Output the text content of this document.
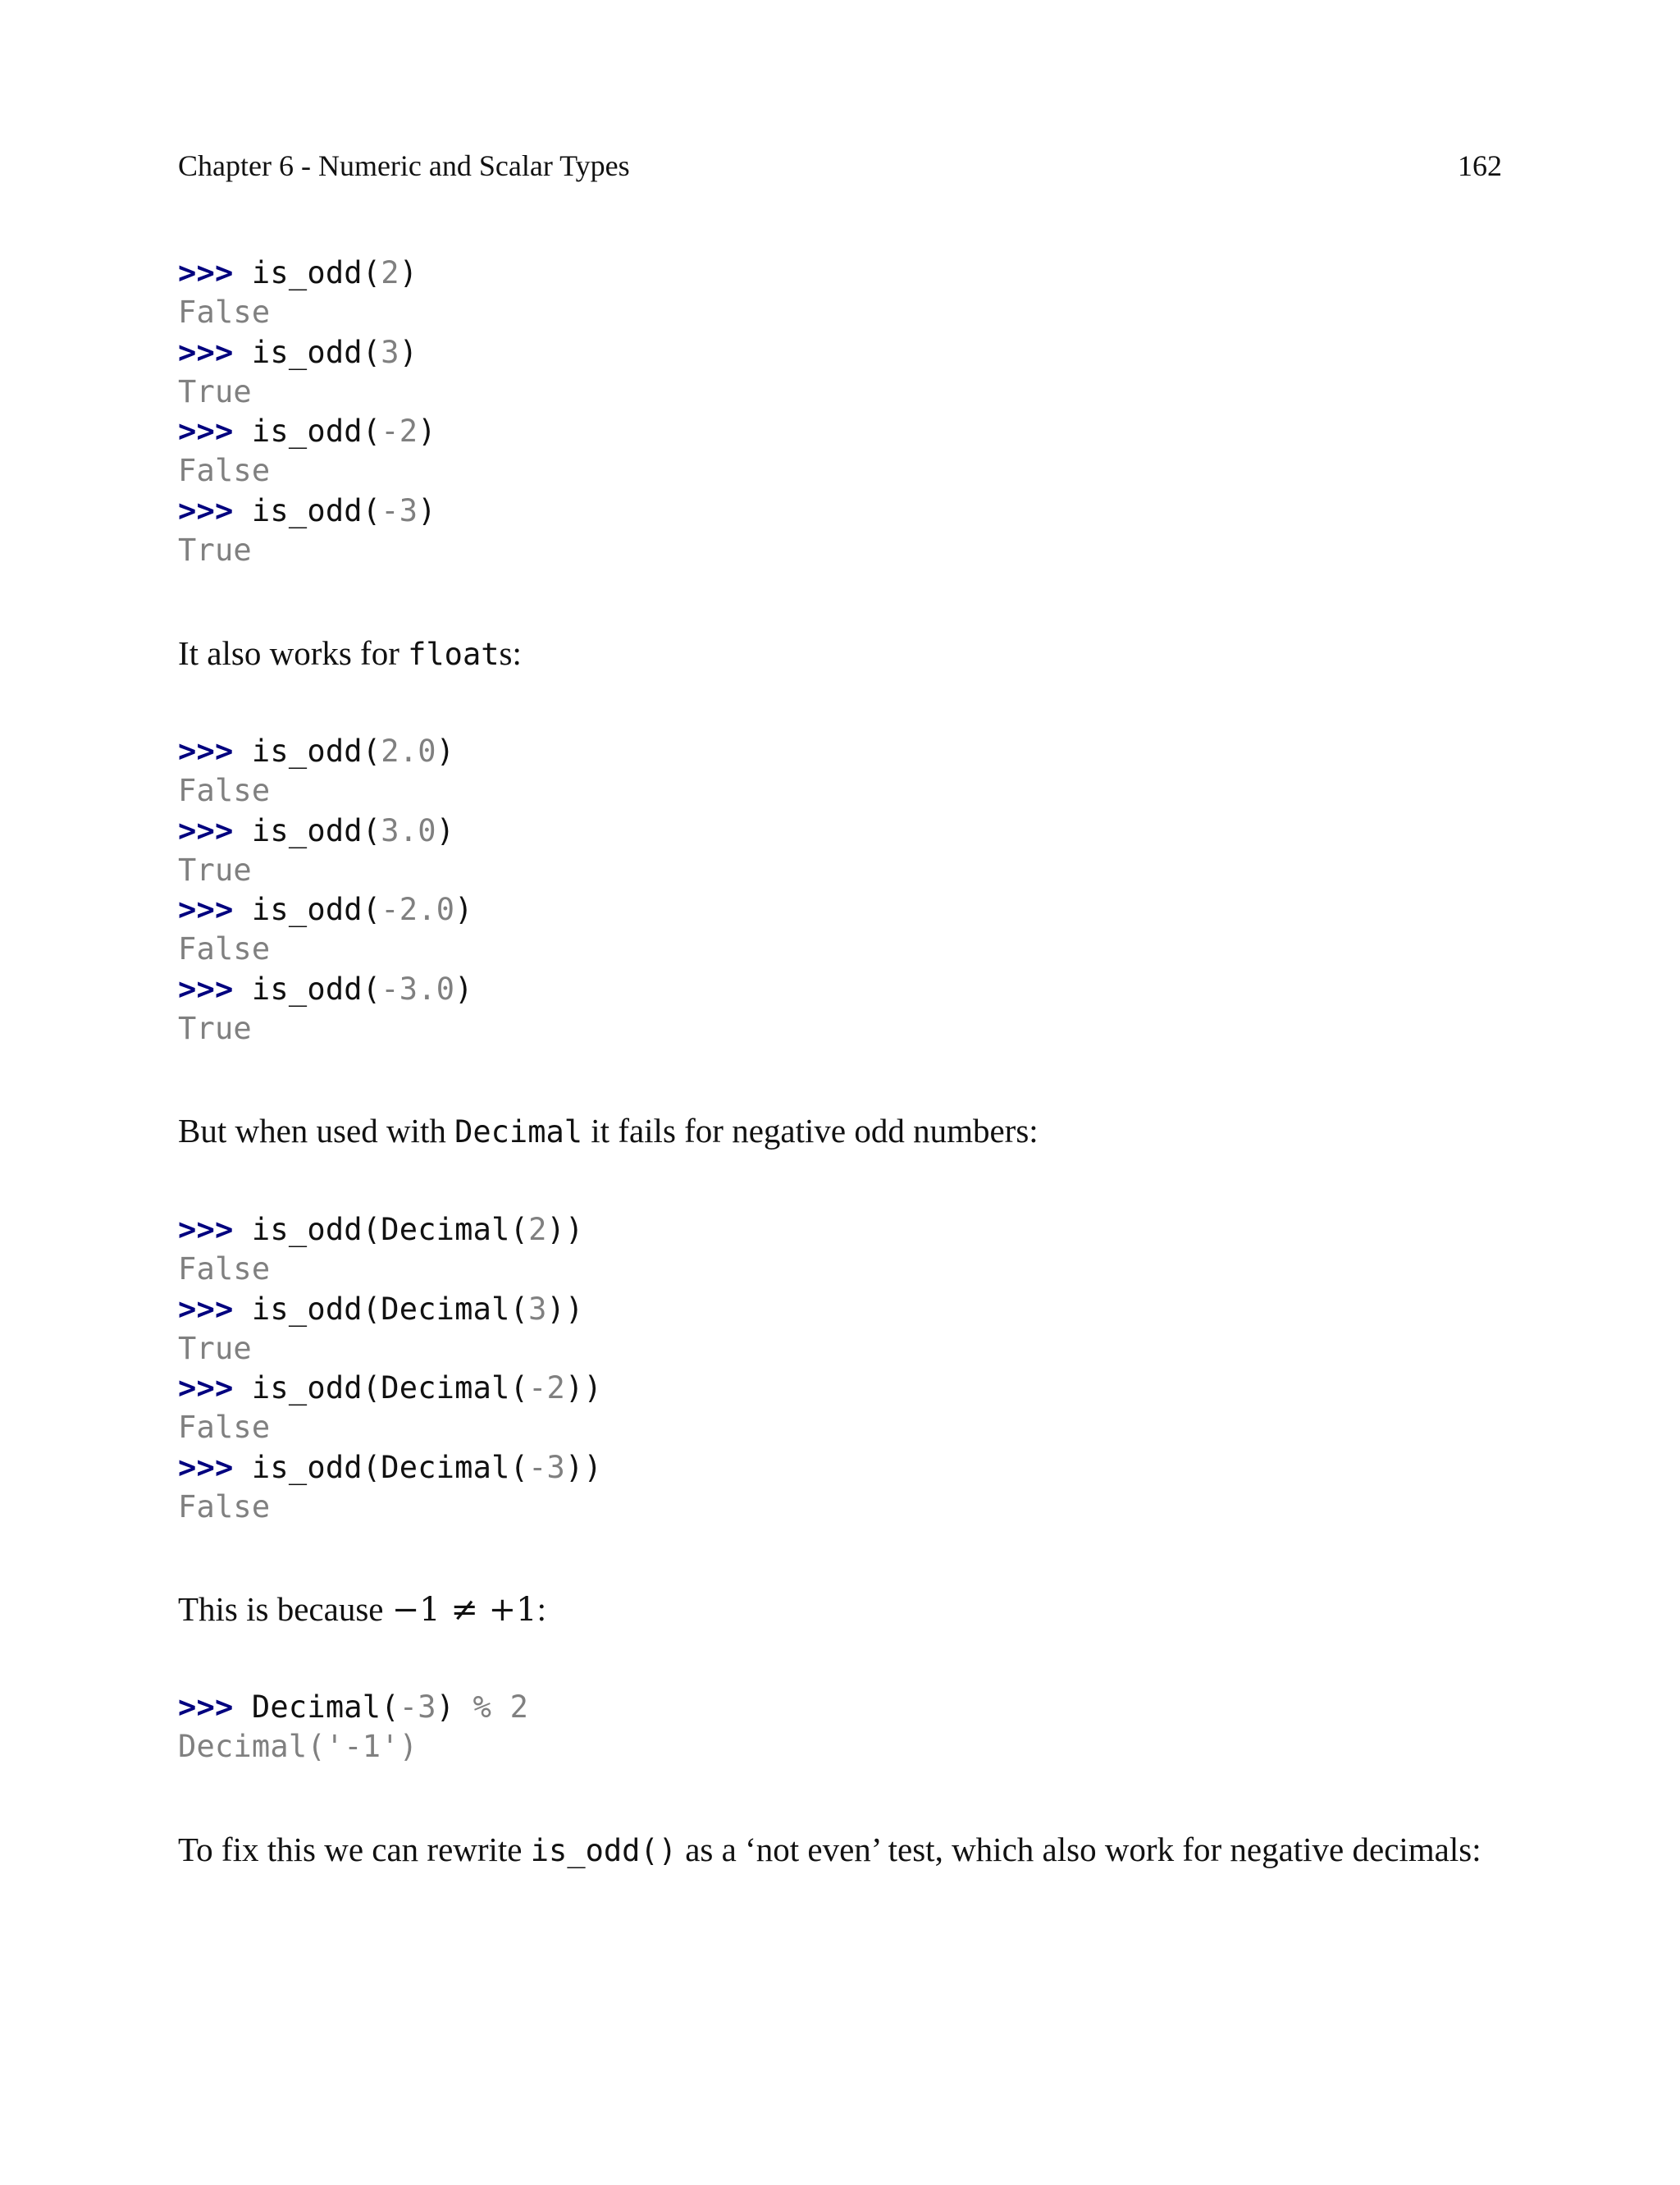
Chapter 6 - Numeric and Scalar Types	162
>>> is_odd(2)
False
>>> is_odd(3)
True
>>> is_odd(-2)
False
>>> is_odd(-3)
True
It also works for floats:
>>> is_odd(2.0)
False
>>> is_odd(3.0)
True
>>> is_odd(-2.0)
False
>>> is_odd(-3.0)
True
But when used with Decimal it fails for negative odd numbers:
>>> is_odd(Decimal(2))
False
>>> is_odd(Decimal(3))
True
>>> is_odd(Decimal(-2))
False
>>> is_odd(Decimal(-3))
False
This is because −1 ≠ +1:
>>> Decimal(-3) % 2
Decimal('-1')
To fix this we can rewrite is_odd() as a ‘not even’ test, which also work for negative decimals:
